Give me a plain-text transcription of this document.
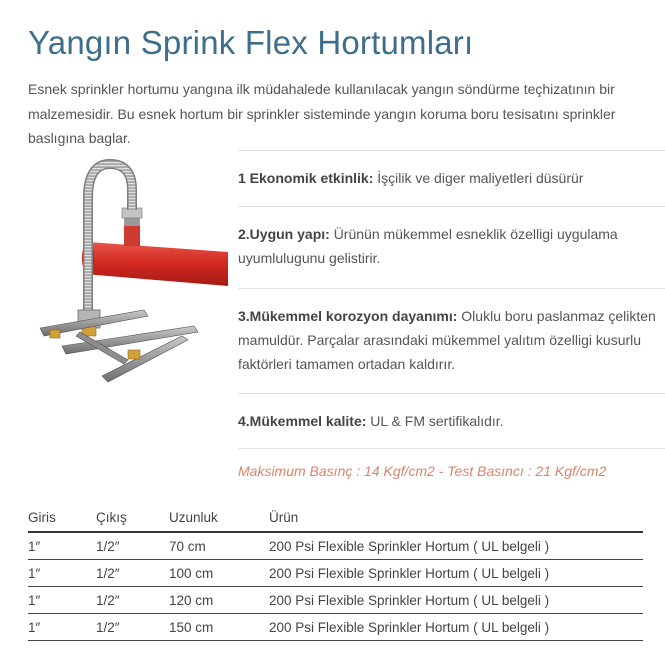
Yangın Sprink Flex Hortumları

Esnek sprinkler hortumu yangına ilk müdahalede kullanılacak yangın söndürme teçhizatının bir malzemesidir. Bu esnek hortum bir sprinkler sisteminde yangın koruma boru tesisatını sprinkler baslıgına baglar.

1 Ekonomik etkinlik: İşçilik ve diger maliyetleri düsürür
2.Uygun yapı: Ürünün mükemmel esneklik özelligi uygulama uyumlulugunu gelistirir.
3.Mükemmel korozyon dayanımı: Oluklu boru paslanmaz çelikten mamuldür. Parçalar arasındaki mükemmel yalıtım özelligi kusurlu faktörleri tamamen ortadan kaldırır.
4.Mükemmel kalite: UL & FM sertifikalıdır.
Maksimum Basınç : 14 Kgf/cm2 - Test Basıncı : 21 Kgf/cm2
Giris	Çıkış	Uzunluk	Ürün
1″	1/2″	70 cm	200 Psi Flexible Sprinkler Hortum ( UL belgeli )
1″	1/2″	100 cm	200 Psi Flexible Sprinkler Hortum ( UL belgeli )
1″	1/2″	120 cm	200 Psi Flexible Sprinkler Hortum ( UL belgeli )
1″	1/2″	150 cm	200 Psi Flexible Sprinkler Hortum ( UL belgeli )
